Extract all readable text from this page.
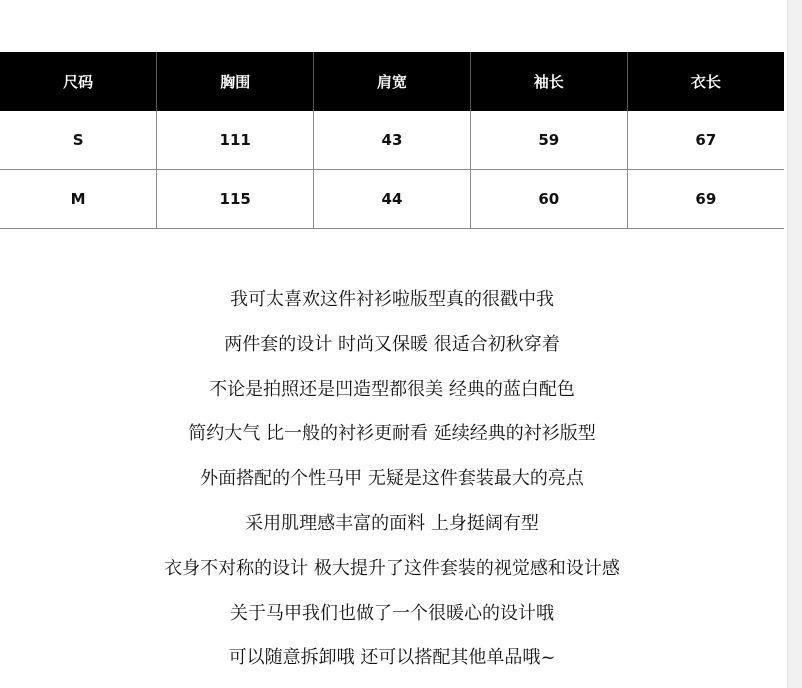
尺码	胸围	肩宽	袖长	衣长
S	111	43	59	67
M	115	44	60	69
我可太喜欢这件衬衫啦版型真的很戳中我
两件套的设计 时尚又保暖 很适合初秋穿着
不论是拍照还是凹造型都很美 经典的蓝白配色
简约大气 比一般的衬衫更耐看 延续经典的衬衫版型
外面搭配的个性马甲 无疑是这件套装最大的亮点
采用肌理感丰富的面料 上身挺阔有型
衣身不对称的设计 极大提升了这件套装的视觉感和设计感
关于马甲我们也做了一个很暖心的设计哦
可以随意拆卸哦 还可以搭配其他单品哦~
